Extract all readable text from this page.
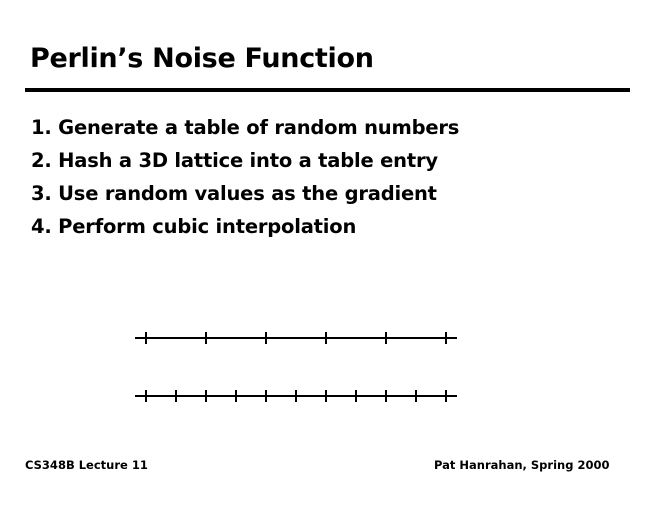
Perlin’s Noise Function
1. Generate a table of random numbers
2. Hash a 3D lattice into a table entry
3. Use random values as the gradient
4. Perform cubic interpolation
CS348B Lecture 11	Pat Hanrahan, Spring 2000
